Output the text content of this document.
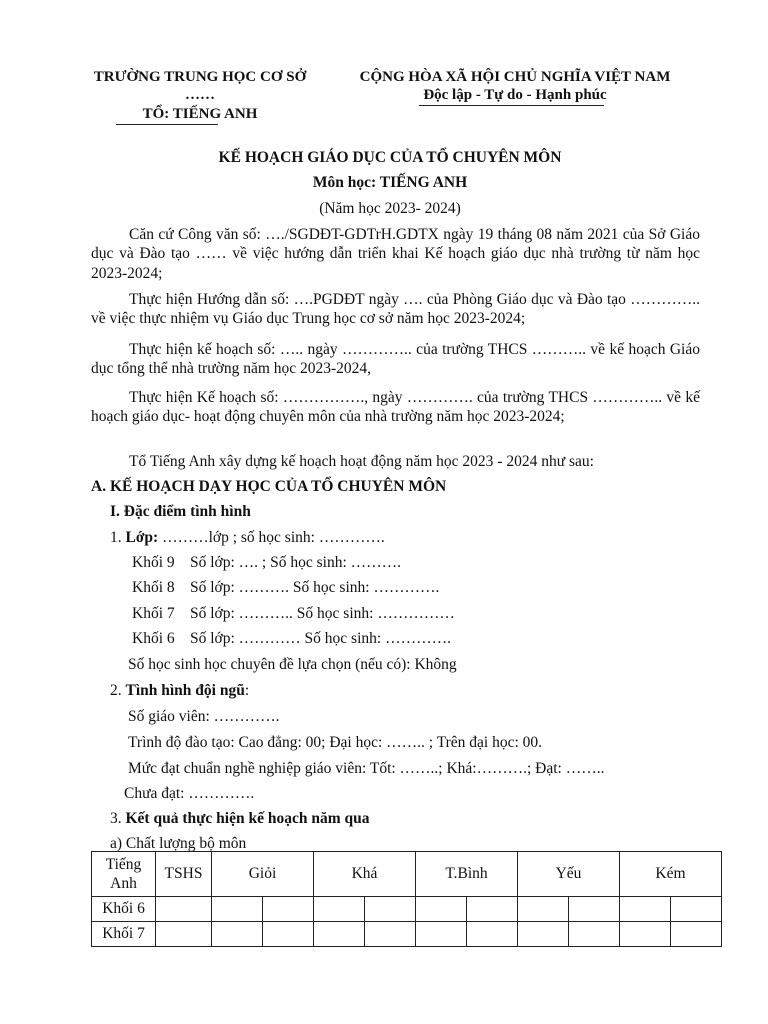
TRƯỜNG TRUNG HỌC CƠ SỞ
……
TỔ: TIẾNG ANH
CỘNG HÒA XÃ HỘI CHỦ NGHĨA VIỆT NAM
Độc lập - Tự do - Hạnh phúc
KẾ HOẠCH GIÁO DỤC CỦA TỔ CHUYÊN MÔN
Môn học: TIẾNG ANH
(Năm học 2023- 2024)
Căn cứ Công văn số: …./SGDĐT-GDTrH.GDTX ngày 19 tháng 08 năm 2021 của Sở Giáo dục và Đào tạo …… về việc hướng dẫn triển khai Kế hoạch giáo dục nhà trường từ năm học 2023-2024;
Thực hiện Hướng dẫn số: ….PGDĐT ngày …. của Phòng Giáo dục và Đào tạo ………….. về việc thực nhiệm vụ Giáo dục Trung học cơ sở năm học 2023-2024;
Thực hiện kế hoạch số: ….. ngày ………….. của trường THCS ……….. về kế hoạch Giáo dục tổng thể nhà trường năm học 2023-2024,
Thực hiện Kế hoạch số: ……………., ngày …………. của trường THCS ………….. về kế hoạch giáo dục- hoạt động chuyên môn của nhà trường năm học 2023-2024;
Tổ Tiếng Anh xây dựng kế hoạch hoạt động năm học 2023 - 2024 như sau:
A. KẾ HOẠCH DẠY HỌC CỦA TỔ CHUYÊN MÔN
I. Đặc điểm tình hình
1. Lớp: ………lớp ; số học sinh: ………….
Khối 9 Số lớp: …. ; Số học sinh: ……….
Khối 8 Số lớp: ………. Số học sinh: ………….
Khối 7 Số lớp: ……….. Số học sinh: ……………
Khối 6 Số lớp: ………… Số học sinh: ………….
Số học sinh học chuyên đề lựa chọn (nếu có): Không
2. Tình hình đội ngũ:
Số giáo viên: ………….
Trình độ đào tạo: Cao đẳng: 00; Đại học: …….. ; Trên đại học: 00.
Mức đạt chuẩn nghề nghiệp giáo viên: Tốt: ……..; Khá:……….; Đạt: ……..
Chưa đạt: ………….
3. Kết quả thực hiện kế hoạch năm qua
a) Chất lượng bộ môn
Tiếng Anh	TSHS	Giỏi		Khá		T.Bình		Yếu		Kém	
Khối 6											
Khối 7											
